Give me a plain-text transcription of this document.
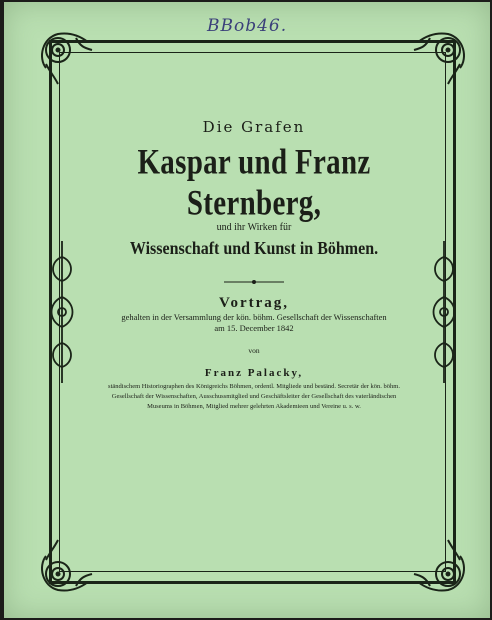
BBob46.
Die Grafen
Kaspar und Franz Sternberg,
und ihr Wirken für
Wissenschaft und Kunst in Böhmen.
Vortrag,
gehalten in der Versammlung der kön. böhm. Gesellschaft der Wissenschaften
am 15. December 1842
von
Franz Palacky,
ständischem Historiographen des Königreichs Böhmen, ordentl. Mitgliede und beständ. Secretär der kön. böhm.
Gesellschaft der Wissenschaften, Ausschussmitglied und Geschäftsleiter der Gesellschaft des vaterländischen
Museums in Böhmen, Mitglied mehrer gelehrten Akademieen und Vereine u. s. w.
